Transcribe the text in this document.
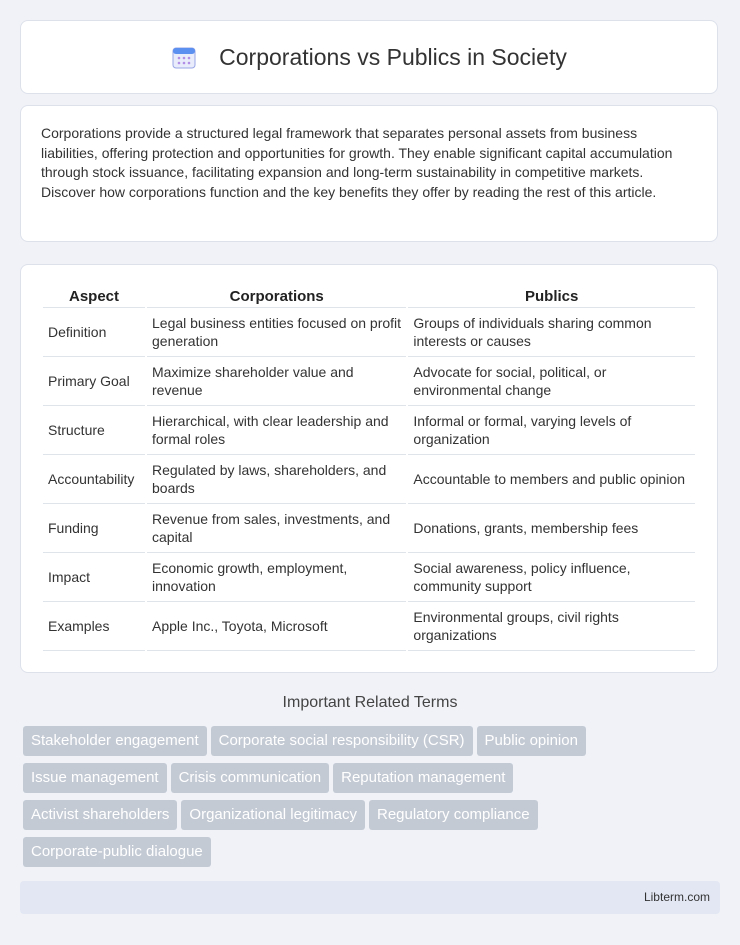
Corporations vs Publics in Society

Corporations provide a structured legal framework that separates personal assets from business liabilities, offering protection and opportunities for growth. They enable significant capital accumulation through stock issuance, facilitating expansion and long-term sustainability in competitive markets. Discover how corporations function and the key benefits they offer by reading the rest of this article.

Aspect	Corporations	Publics
Definition	Legal business entities focused on profit generation	Groups of individuals sharing common interests or causes
Primary Goal	Maximize shareholder value and revenue	Advocate for social, political, or environmental change
Structure	Hierarchical, with clear leadership and formal roles	Informal or formal, varying levels of organization
Accountability	Regulated by laws, shareholders, and boards	Accountable to members and public opinion
Funding	Revenue from sales, investments, and capital	Donations, grants, membership fees
Impact	Economic growth, employment, innovation	Social awareness, policy influence, community support
Examples	Apple Inc., Toyota, Microsoft	Environmental groups, civil rights organizations
Important Related Terms
Stakeholder engagement Corporate social responsibility (CSR) Public opinion
Issue management Crisis communication Reputation management
Activist shareholders Organizational legitimacy Regulatory compliance
Corporate-public dialogue
Libterm.com
